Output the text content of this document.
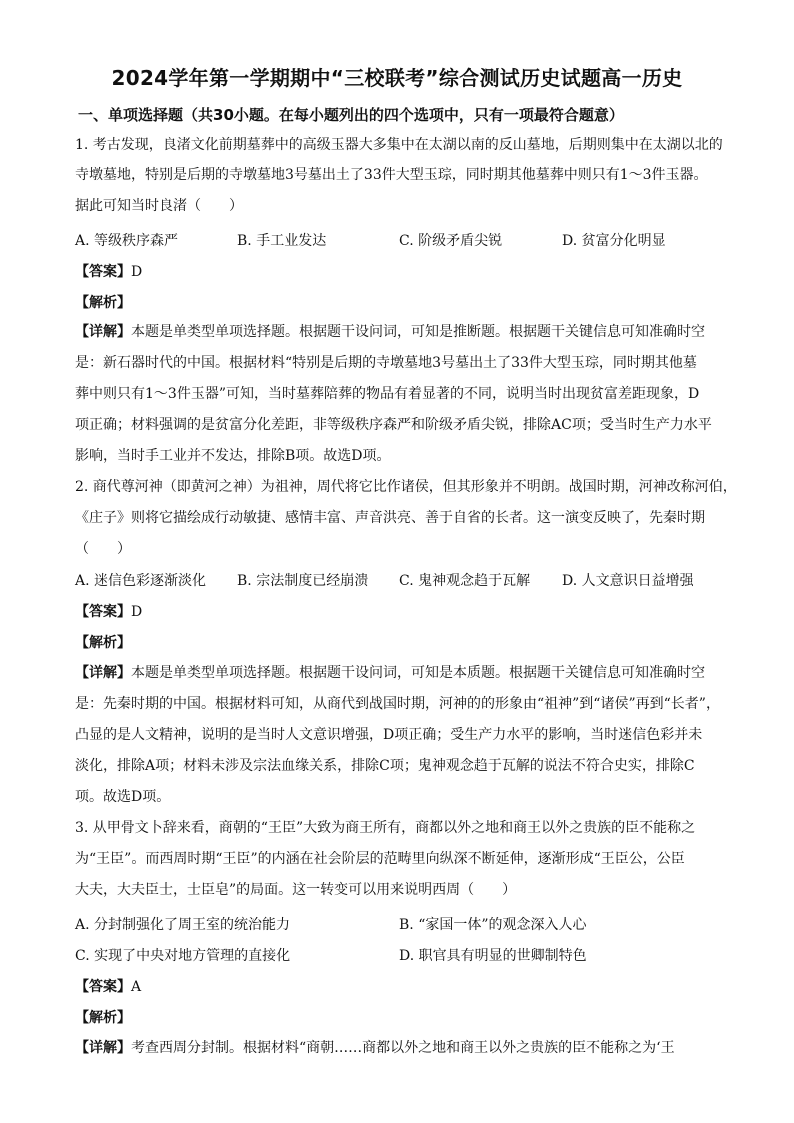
2024学年第一学期期中“三校联考”综合测试历史试题高一历史
一、单项选择题（共30小题。在每小题列出的四个选项中，只有一项最符合题意）
1. 考古发现，良渚文化前期墓葬中的高级玉器大多集中在太湖以南的反山墓地，后期则集中在太湖以北的
寺墩墓地，特别是后期的寺墩墓地3号墓出土了33件大型玉琮，同时期其他墓葬中则只有1～3件玉器。
据此可知当时良渚（　　）
A. 等级秩序森严	B. 手工业发达	C. 阶级矛盾尖锐	D. 贫富分化明显
【答案】D
【解析】
【详解】本题是单类型单项选择题。根据题干设问词，可知是推断题。根据题干关键信息可知准确时空
是：新石器时代的中国。根据材料“特别是后期的寺墩墓地3号墓出土了33件大型玉琮，同时期其他墓
葬中则只有1～3件玉器”可知，当时墓葬陪葬的物品有着显著的不同，说明当时出现贫富差距现象，D
项正确；材料强调的是贫富分化差距，非等级秩序森严和阶级矛盾尖锐，排除AC项；受当时生产力水平
影响，当时手工业并不发达，排除B项。故选D项。
2. 商代尊河神（即黄河之神）为祖神，周代将它比作诸侯，但其形象并不明朗。战国时期，河神改称河伯，
《庄子》则将它描绘成行动敏捷、感情丰富、声音洪亮、善于自省的长者。这一演变反映了，先秦时期
（　　）
A. 迷信色彩逐渐淡化 B. 宗法制度已经崩溃 C. 鬼神观念趋于瓦解 D. 人文意识日益增强
【答案】D
【解析】
【详解】本题是单类型单项选择题。根据题干设问词，可知是本质题。根据题干关键信息可知准确时空
是：先秦时期的中国。根据材料可知，从商代到战国时期，河神的的形象由“祖神”到“诸侯”再到“长者”，
凸显的是人文精神，说明的是当时人文意识增强，D项正确；受生产力水平的影响，当时迷信色彩并未
淡化，排除A项；材料未涉及宗法血缘关系，排除C项；鬼神观念趋于瓦解的说法不符合史实，排除C
项。故选D项。
3. 从甲骨文卜辞来看，商朝的“王臣”大致为商王所有，商都以外之地和商王以外之贵族的臣不能称之
为“王臣”。而西周时期“王臣”的内涵在社会阶层的范畴里向纵深不断延伸，逐渐形成“王臣公，公臣
大夫，大夫臣士，士臣皂”的局面。这一转变可以用来说明西周（　　）
A. 分封制强化了周王室的统治能力	B. “家国一体”的观念深入人心
C. 实现了中央对地方管理的直接化	D. 职官具有明显的世卿制特色
【答案】A
【解析】
【详解】考查西周分封制。根据材料“商朝……商都以外之地和商王以外之贵族的臣不能称之为‘王
